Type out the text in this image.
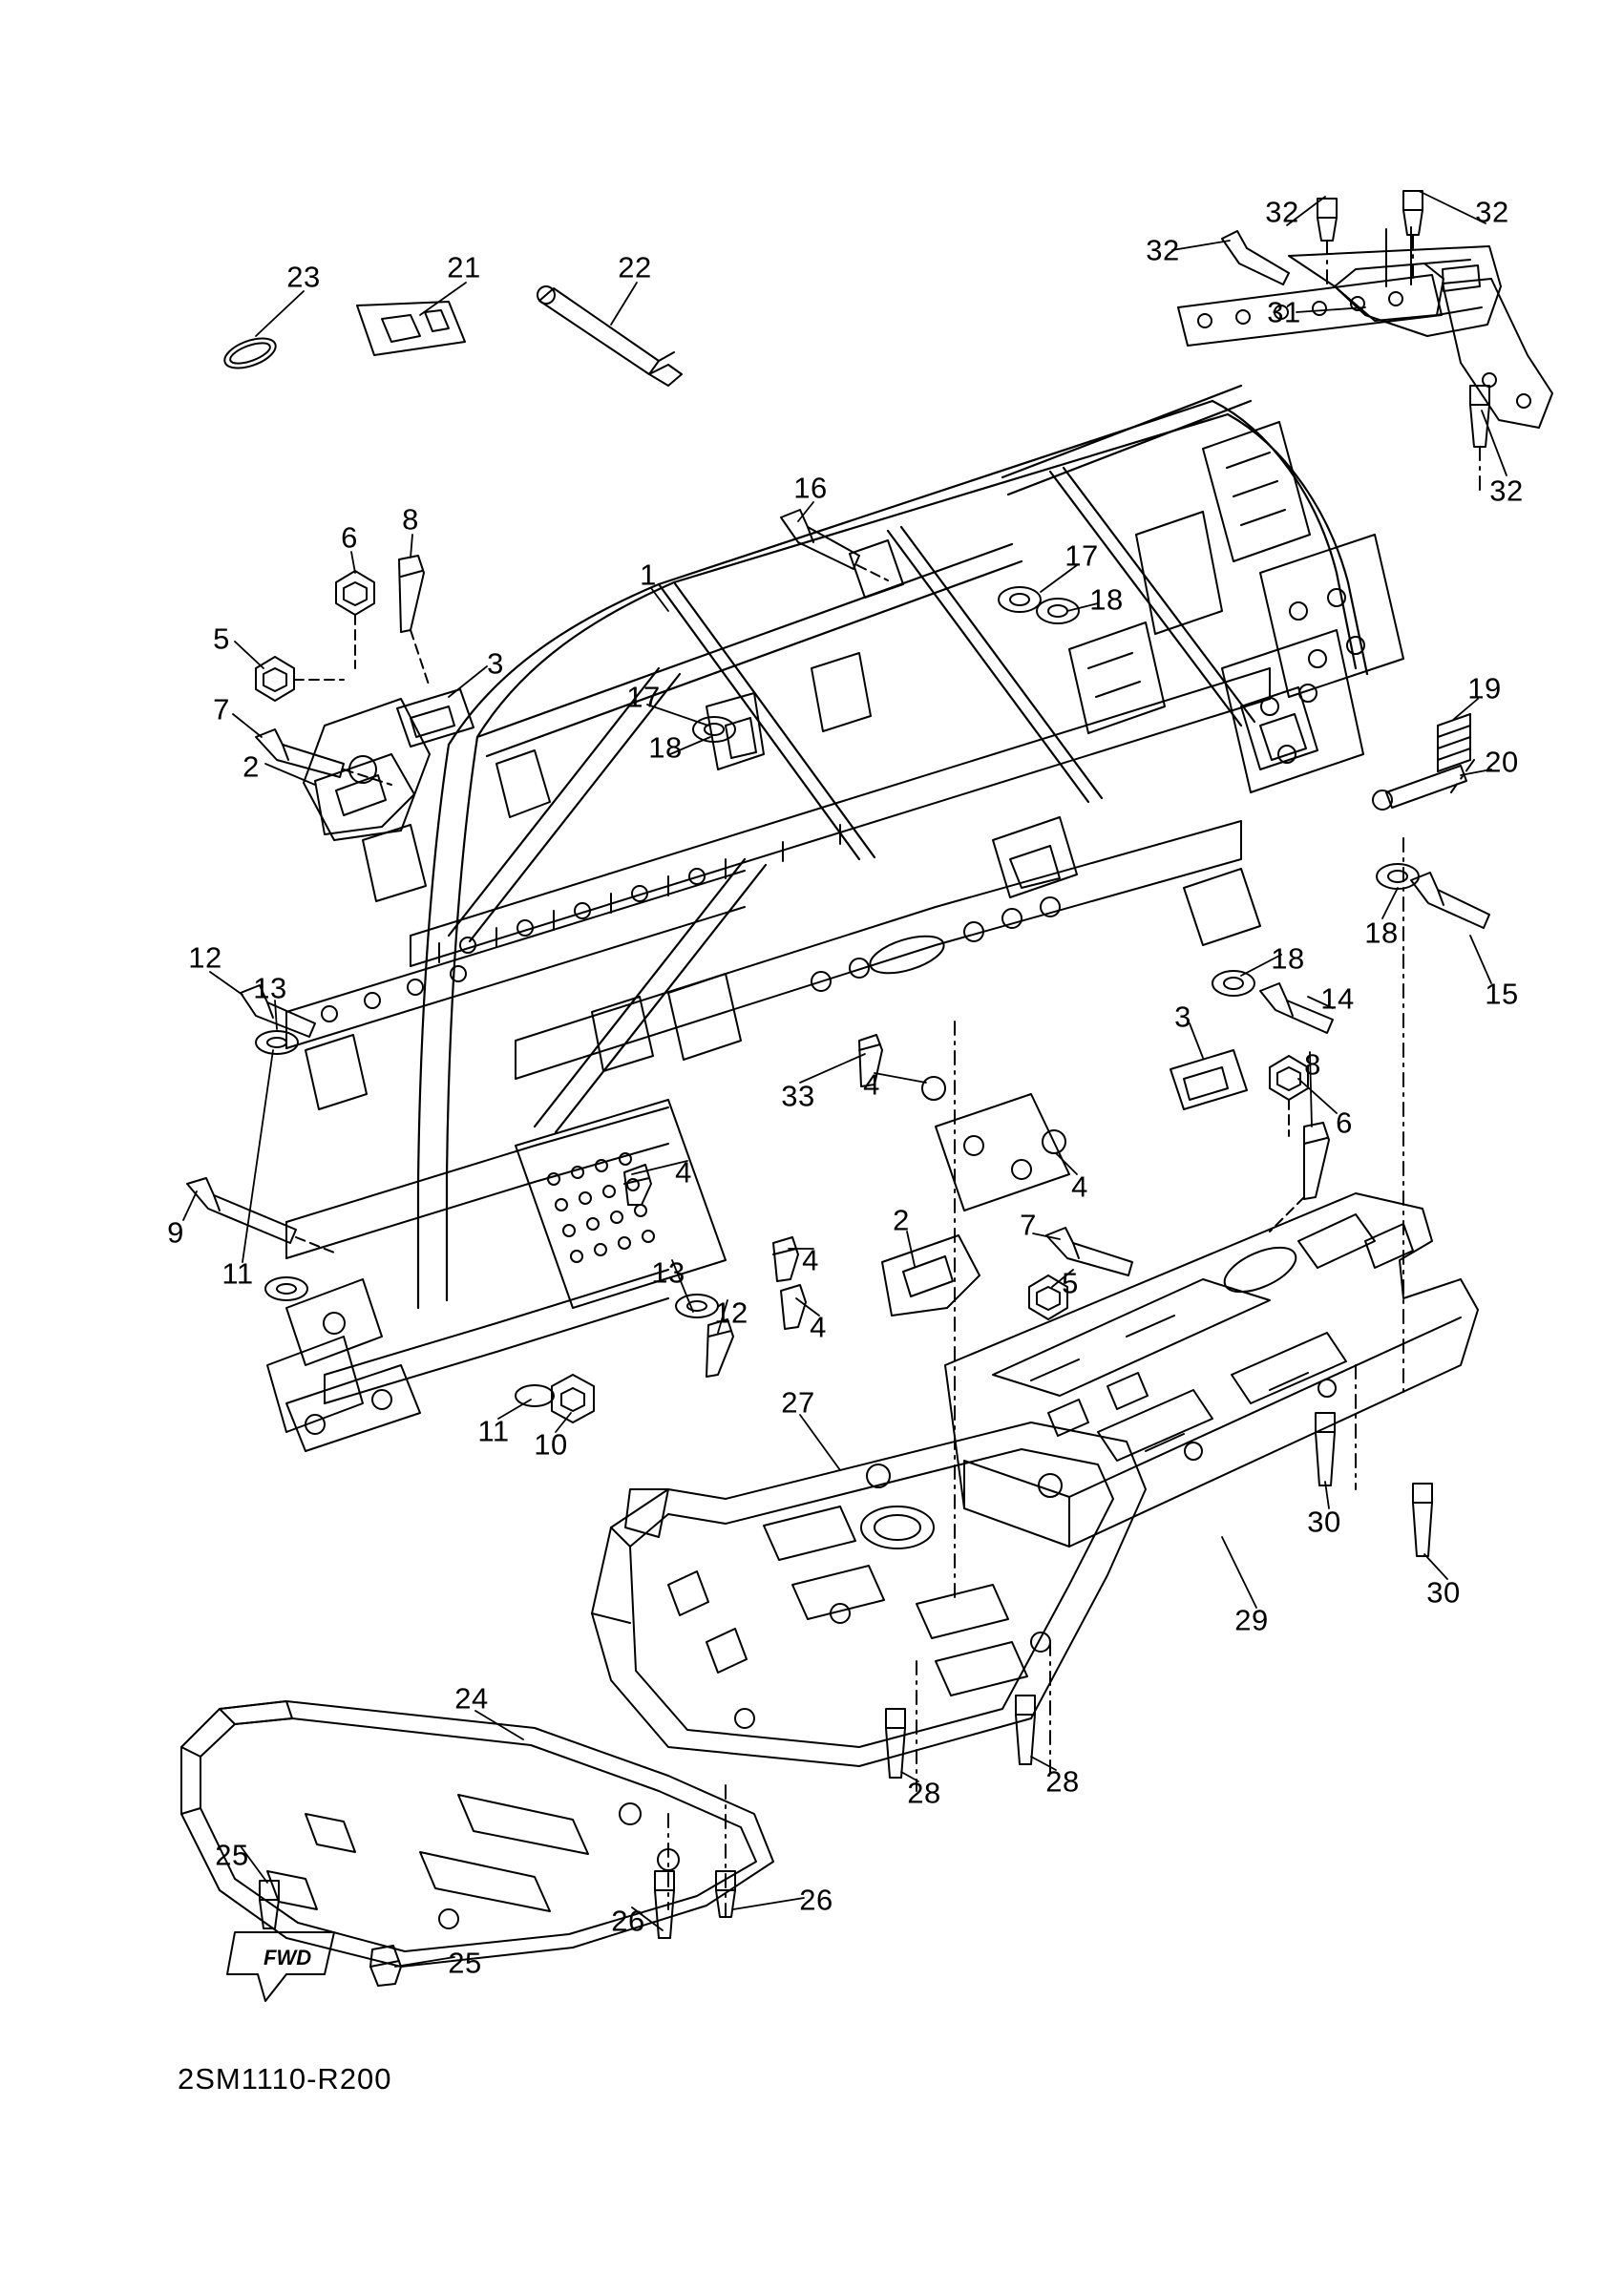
FWD
2SM1110-R200
23	21	22
32	32
32
31
32
16
17
18
6
8
1
5
3
17
7
18
2
19
20
18
15
12
13
18
3
14
8
33 4
6
9
4	4
2	7
11	13	4
5
12 4
11 10
27
30
30
29
24
28	28
25
26
26
25
